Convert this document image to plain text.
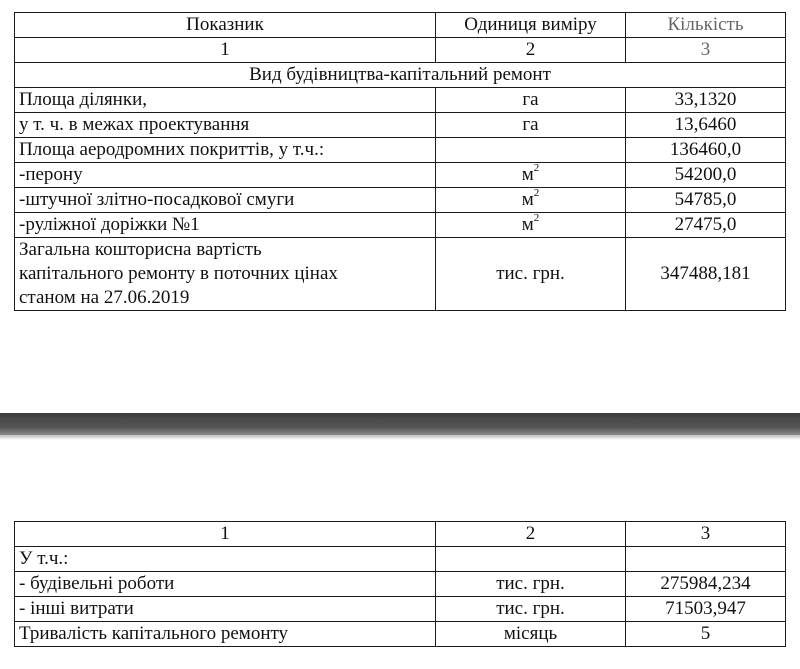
Показник	Одиниця виміру	Кількість
1	2	3
Вид будівництва-капітальний ремонт		
Площа ділянки,	га	33,1320
у т. ч. в межах проектування	га	13,6460
Площа аеродромних покриттів, у т.ч.:		136460,0
-перону	$м^2$	54200,0
-штучної злітно-посадкової смуги	$м^2$	54785,0
-руліжної доріжки №1	$м^2$	27475,0

Загальна кошторисна вартість
капітального ремонту в поточних цінах
станом на 27.06.2019	тис. грн.	347488,181
1	2	3
У т.ч.:		
- будівельні роботи	тис. грн.	275984,234
- інші витрати	тис. грн.	71503,947
Тривалість капітального ремонту	місяць	5
